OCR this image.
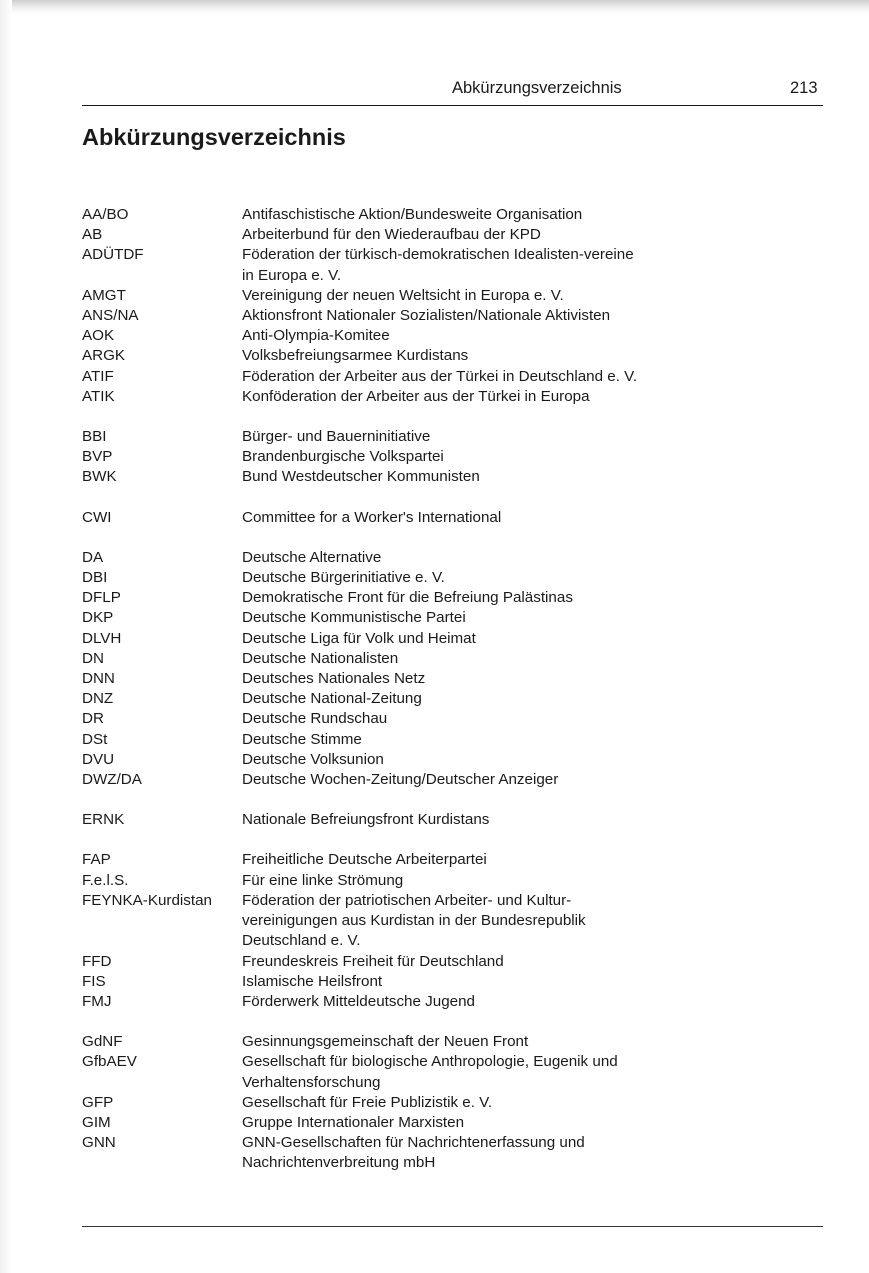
Abkürzungsverzeichnis	213
Abkürzungsverzeichnis
AA/BO	Antifaschistische Aktion/Bundesweite Organisation
AB	Arbeiterbund für den Wiederaufbau der KPD
ADÜTDF	Föderation der türkisch-demokratischen Idealisten-vereine in Europa e. V.
AMGT	Vereinigung der neuen Weltsicht in Europa e. V.
ANS/NA	Aktionsfront Nationaler Sozialisten/Nationale Aktivisten
AOK	Anti-Olympia-Komitee
ARGK	Volksbefreiungsarmee Kurdistans
ATIF	Föderation der Arbeiter aus der Türkei in Deutschland e. V.
ATIK	Konföderation der Arbeiter aus der Türkei in Europa
BBI	Bürger- und Bauerninitiative
BVP	Brandenburgische Volkspartei
BWK	Bund Westdeutscher Kommunisten
CWI	Committee for a Worker's International
DA	Deutsche Alternative
DBI	Deutsche Bürgerinitiative e. V.
DFLP	Demokratische Front für die Befreiung Palästinas
DKP	Deutsche Kommunistische Partei
DLVH	Deutsche Liga für Volk und Heimat
DN	Deutsche Nationalisten
DNN	Deutsches Nationales Netz
DNZ	Deutsche National-Zeitung
DR	Deutsche Rundschau
DSt	Deutsche Stimme
DVU	Deutsche Volksunion
DWZ/DA	Deutsche Wochen-Zeitung/Deutscher Anzeiger
ERNK	Nationale Befreiungsfront Kurdistans
FAP	Freiheitliche Deutsche Arbeiterpartei
F.e.l.S.	Für eine linke Strömung
FEYNKA-Kurdistan	Föderation der patriotischen Arbeiter- und Kultur-vereinigungen aus Kurdistan in der Bundesrepublik Deutschland e. V.
FFD	Freundeskreis Freiheit für Deutschland
FIS	Islamische Heilsfront
FMJ	Förderwerk Mitteldeutsche Jugend
GdNF	Gesinnungsgemeinschaft der Neuen Front
GfbAEV	Gesellschaft für biologische Anthropologie, Eugenik und Verhaltensforschung
GFP	Gesellschaft für Freie Publizistik e. V.
GIM	Gruppe Internationaler Marxisten
GNN	GNN-Gesellschaften für Nachrichtenerfassung und Nachrichtenverbreitung mbH
